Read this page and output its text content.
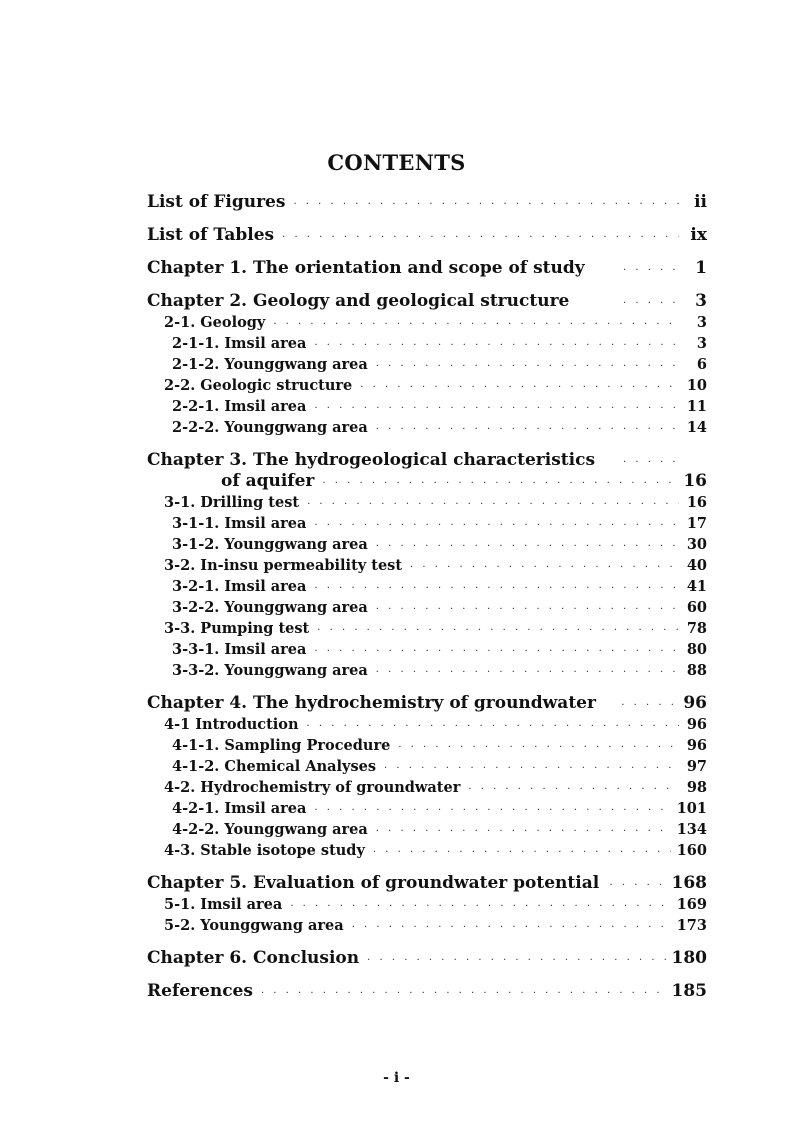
CONTENTS
List of Figures · · ·	ii
List of Tables · · ·	ix
Chapter 1. The orientation and scope of study · · ·	1
Chapter 2. Geology and geological structure · · ·	3
2-1. Geology · · ·	3
2-1-1. Imsil area · · ·	3
2-1-2. Younggwang area · · ·	6
2-2. Geologic structure · · ·	10
2-2-1. Imsil area · · ·	11
2-2-2. Younggwang area · · ·	14
Chapter 3. The hydrogeological characteristics
· · ·
of aquifer · · ·	16
3-1. Drilling test · · ·	16
3-1-1. Imsil area · · ·	17
3-1-2. Younggwang area · · ·	30
3-2. In-insu permeability test · · ·	40
3-2-1. Imsil area · · ·	41
3-2-2. Younggwang area · · ·	60
3-3. Pumping test · · ·	78
3-3-1. Imsil area · · ·	80
3-3-2. Younggwang area · · ·	88
Chapter 4. The hydrochemistry of groundwater · · ·	96
4-1 Introduction · · ·	96
4-1-1. Sampling Procedure · · ·	96
4-1-2. Chemical Analyses · · ·	97
4-2. Hydrochemistry of groundwater · · ·	98
4-2-1. Imsil area · · ·	101
4-2-2. Younggwang area · · ·	134
4-3. Stable isotope study · · ·	160
Chapter 5. Evaluation of groundwater potential · · ·	168
5-1. Imsil area · · ·	169
5-2. Younggwang area · · ·	173
Chapter 6. Conclusion · · ·	180
References · · ·	185
- i -
